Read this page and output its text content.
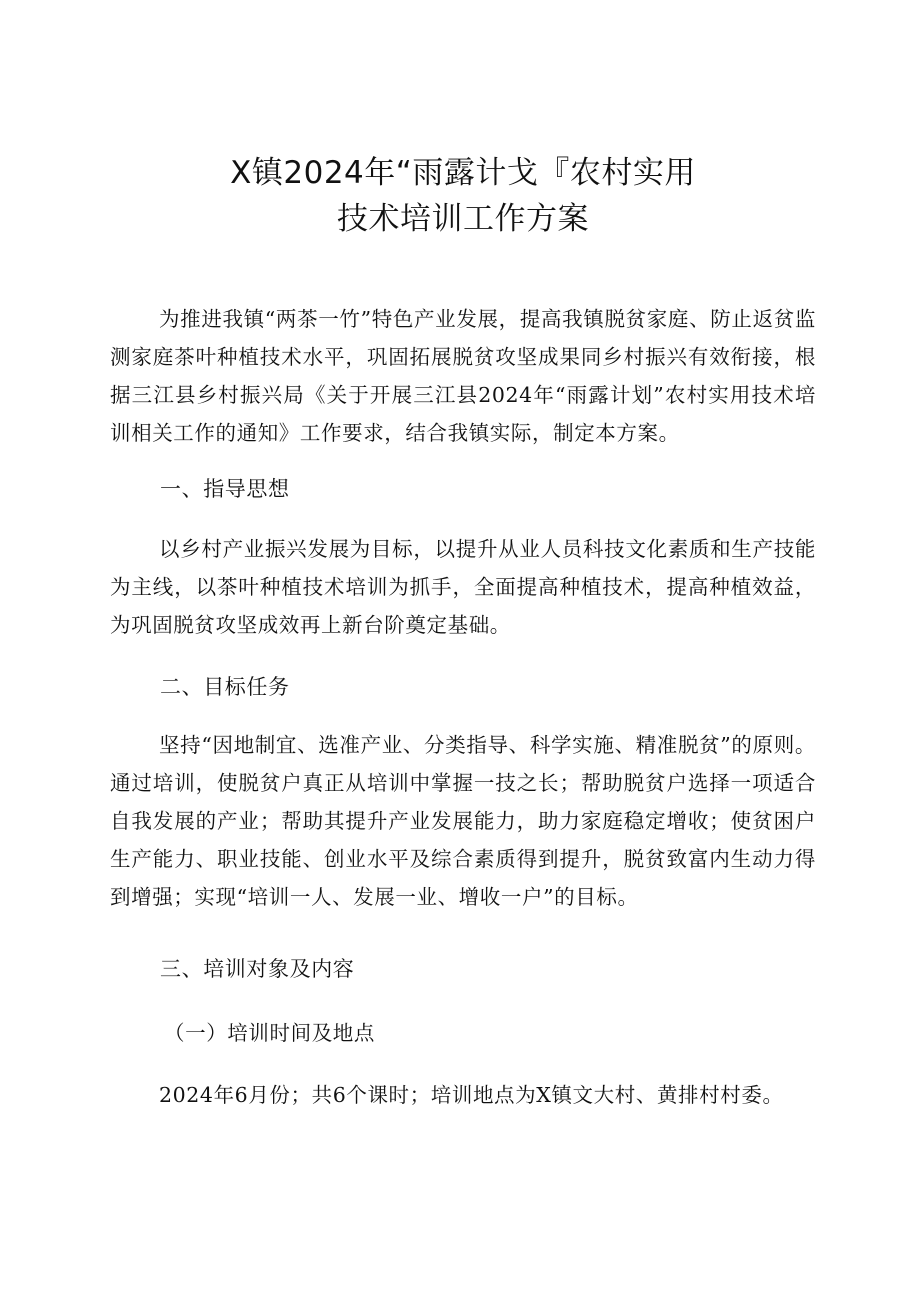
X镇2024年“雨露计戈『农村实用
技术培训工作方案

为推进我镇“两茶一竹”特色产业发展，提高我镇脱贫家庭、防止返贫监测家庭茶叶种植技术水平，巩固拓展脱贫攻坚成果同乡村振兴有效衔接，根据三江县乡村振兴局《关于开展三江县2024年“雨露计划”农村实用技术培训相关工作的通知》工作要求，结合我镇实际，制定本方案。

一、指导思想

以乡村产业振兴发展为目标，以提升从业人员科技文化素质和生产技能为主线，以茶叶种植技术培训为抓手，全面提高种植技术，提高种植效益，为巩固脱贫攻坚成效再上新台阶奠定基础。

二、目标任务

坚持“因地制宜、选准产业、分类指导、科学实施、精准脱贫”的原则。通过培训，使脱贫户真正从培训中掌握一技之长；帮助脱贫户选择一项适合自我发展的产业；帮助其提升产业发展能力，助力家庭稳定增收；使贫困户生产能力、职业技能、创业水平及综合素质得到提升，脱贫致富内生动力得到增强；实现“培训一人、发展一业、增收一户”的目标。

三、培训对象及内容

（一）培训时间及地点

2024年6月份；共6个课时；培训地点为X镇文大村、黄排村村委。
